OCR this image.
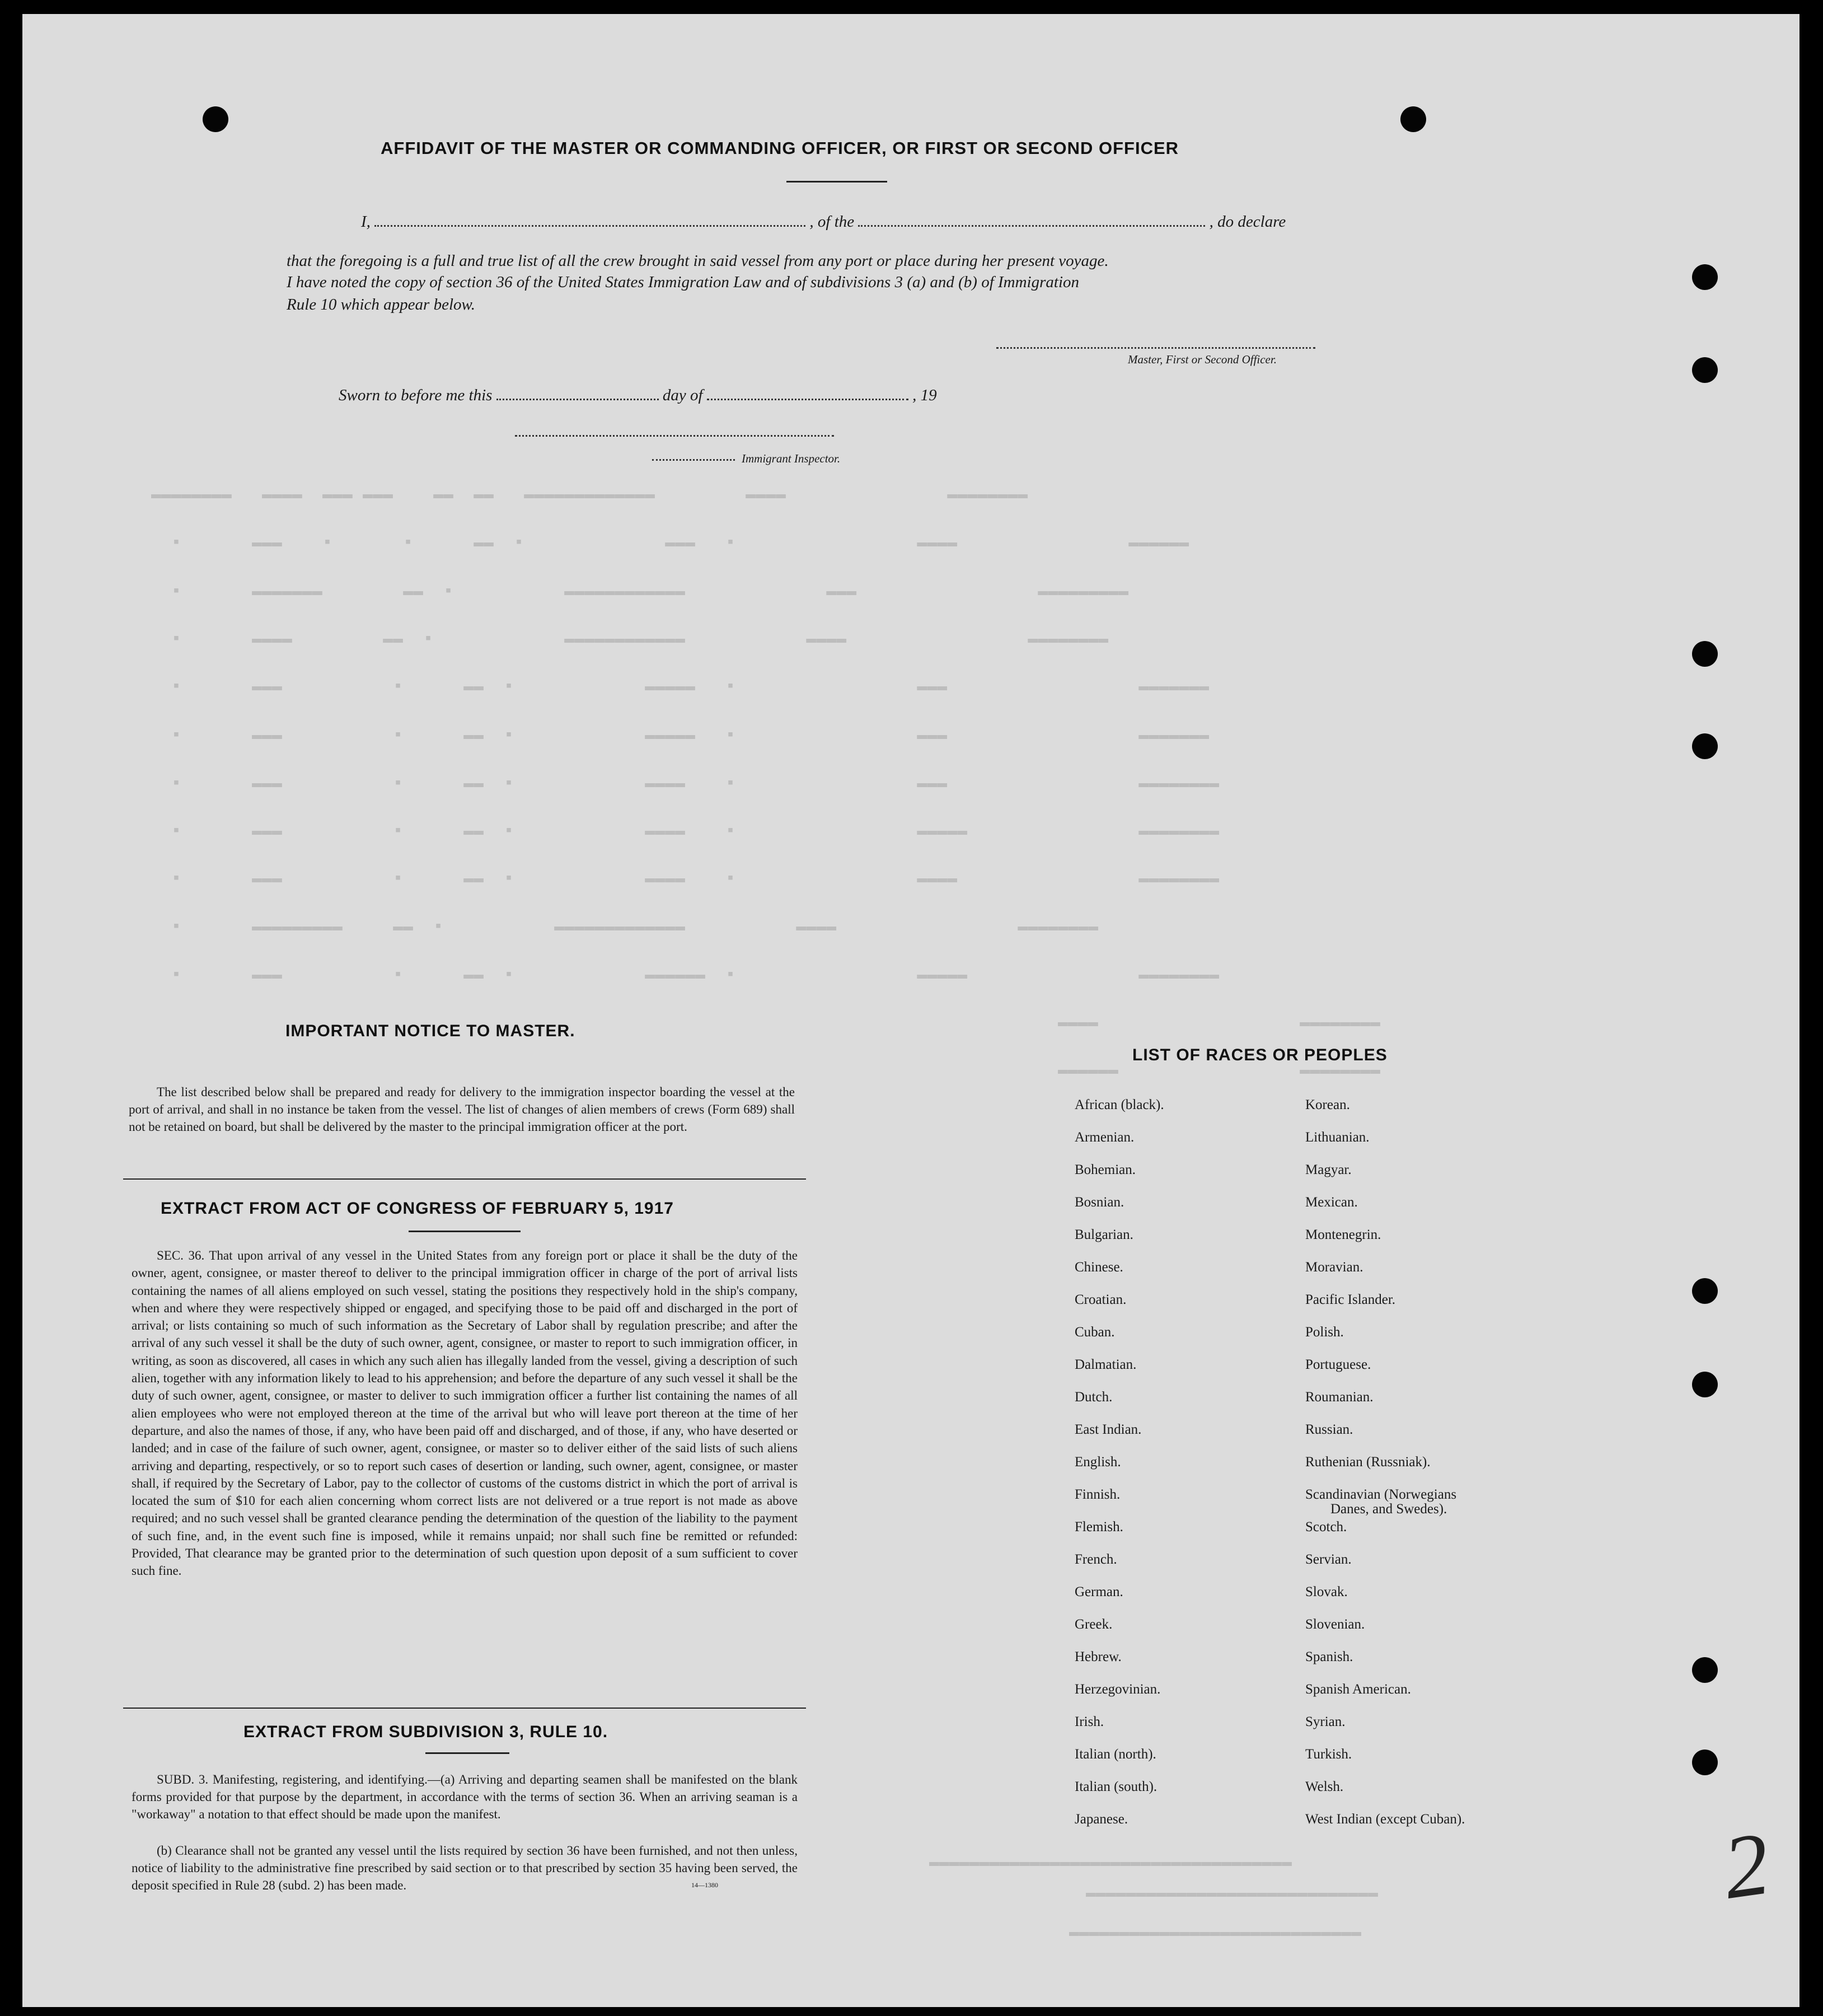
▬▬▬▬▬▬▬▬   ▬▬▬▬  ▬▬▬ ▬▬▬    ▬▬  ▬▬   ▬▬▬▬▬▬▬▬▬▬▬▬▬         ▬▬▬▬                ▬▬▬▬▬▬▬▬
▪       ▬▬▬    ▪       ▪      ▬▬  ▪              ▬▬▬   ▪                  ▬▬▬▬                 ▬▬▬▬▬▬
▪       ▬▬▬▬▬▬▬        ▬▬  ▪           ▬▬▬▬▬▬▬▬▬▬▬▬              ▬▬▬                  ▬▬▬▬▬▬▬▬▬
▪       ▬▬▬▬         ▬▬  ▪             ▬▬▬▬▬▬▬▬▬▬▬▬            ▬▬▬▬                  ▬▬▬▬▬▬▬▬
▪       ▬▬▬           ▪      ▬▬  ▪             ▬▬▬▬▬   ▪                  ▬▬▬                   ▬▬▬▬▬▬▬
▪       ▬▬▬           ▪      ▬▬  ▪             ▬▬▬▬▬   ▪                  ▬▬▬                   ▬▬▬▬▬▬▬
▪       ▬▬▬           ▪      ▬▬  ▪             ▬▬▬▬    ▪                  ▬▬▬                   ▬▬▬▬▬▬▬▬
▪       ▬▬▬           ▪      ▬▬  ▪             ▬▬▬▬    ▪                  ▬▬▬▬▬                 ▬▬▬▬▬▬▬▬
▪       ▬▬▬           ▪      ▬▬  ▪             ▬▬▬▬    ▪                  ▬▬▬▬                  ▬▬▬▬▬▬▬▬
▪       ▬▬▬▬▬▬▬▬▬     ▬▬  ▪           ▬▬▬▬▬▬▬▬▬▬▬▬▬           ▬▬▬▬                  ▬▬▬▬▬▬▬▬
▪       ▬▬▬           ▪      ▬▬  ▪             ▬▬▬▬▬▬  ▪                  ▬▬▬▬▬                 ▬▬▬▬▬▬▬▬
▬▬▬▬                    ▬▬▬▬▬▬▬▬
▬▬▬▬▬▬                  ▬▬▬▬▬▬▬▬
▬▬▬▬▬▬▬▬▬▬▬▬▬▬▬▬▬▬▬▬▬▬▬▬▬▬▬▬▬▬▬▬▬▬▬▬
▬▬▬▬▬▬▬▬▬▬▬▬▬▬▬▬▬▬▬▬▬▬▬▬▬▬▬▬▬
▬▬▬▬▬▬▬▬▬▬▬▬▬▬▬▬▬▬▬▬▬▬▬▬▬▬▬▬▬
AFFIDAVIT OF THE MASTER OR COMMANDING OFFICER, OR FIRST OR SECOND OFFICER
I,	, of the	, do declare
that the foregoing is a full and true list of all the crew brought in said vessel from any port or place during her present voyage.
I have noted the copy of section 36 of the United States Immigration Law and of subdivisions 3 (a) and (b) of Immigration
Rule 10 which appear below.
Master, First or Second Officer.
Sworn to before me this	day of	, 19
Immigrant Inspector.
IMPORTANT NOTICE TO MASTER.
The list described below shall be prepared and ready for delivery to the immigration inspector boarding the vessel at the port of arrival, and shall in no instance be taken from the vessel. The list of changes of alien members of crews (Form 689) shall not be retained on board, but shall be delivered by the master to the principal immigration officer at the port.
EXTRACT FROM ACT OF CONGRESS OF FEBRUARY 5, 1917
SEC. 36. That upon arrival of any vessel in the United States from any foreign port or place it shall be the duty of the owner, agent, consignee, or master thereof to deliver to the principal immigration officer in charge of the port of arrival lists containing the names of all aliens employed on such vessel, stating the positions they respectively hold in the ship's company, when and where they were respectively shipped or engaged, and specifying those to be paid off and discharged in the port of arrival; or lists containing so much of such information as the Secretary of Labor shall by regulation prescribe; and after the arrival of any such vessel it shall be the duty of such owner, agent, consignee, or master to report to such immigration officer, in writing, as soon as discovered, all cases in which any such alien has illegally landed from the vessel, giving a description of such alien, together with any information likely to lead to his apprehension; and before the departure of any such vessel it shall be the duty of such owner, agent, consignee, or master to deliver to such immigration officer a further list containing the names of all alien employees who were not employed thereon at the time of the arrival but who will leave port thereon at the time of her departure, and also the names of those, if any, who have been paid off and discharged, and of those, if any, who have deserted or landed; and in case of the failure of such owner, agent, consignee, or master so to deliver either of the said lists of such aliens arriving and departing, respectively, or so to report such cases of desertion or landing, such owner, agent, consignee, or master shall, if required by the Secretary of Labor, pay to the collector of customs of the customs district in which the port of arrival is located the sum of $10 for each alien concerning whom correct lists are not delivered or a true report is not made as above required; and no such vessel shall be granted clearance pending the determination of the question of the liability to the payment of such fine, and, in the event such fine is imposed, while it remains unpaid; nor shall such fine be remitted or refunded: Provided, That clearance may be granted prior to the determination of such question upon deposit of a sum sufficient to cover such fine.
EXTRACT FROM SUBDIVISION 3, RULE 10.
SUBD. 3. Manifesting, registering, and identifying.—(a) Arriving and departing seamen shall be manifested on the blank forms provided for that purpose by the department, in accordance with the terms of section 36. When an arriving seaman is a "workaway" a notation to that effect should be made upon the manifest.
(b) Clearance shall not be granted any vessel until the lists required by section 36 have been furnished, and not then unless, notice of liability to the administrative fine prescribed by said section or to that prescribed by section 35 having been served, the deposit specified in Rule 28 (subd. 2) has been made.	14—1380
LIST OF RACES OR PEOPLES
African (black).
Armenian.
Bohemian.
Bosnian.
Bulgarian.
Chinese.
Croatian.
Cuban.
Dalmatian.
Dutch.
East Indian.
English.
Finnish.
Flemish.
French.
German.
Greek.
Hebrew.
Herzegovinian.
Irish.
Italian (north).
Italian (south).
Japanese.
Korean.
Lithuanian.
Magyar.
Mexican.
Montenegrin.
Moravian.
Pacific Islander.
Polish.
Portuguese.
Roumanian.
Russian.
Ruthenian (Russniak).
Scandinavian (Norwegians
Danes, and Swedes).
Scotch.
Servian.
Slovak.
Slovenian.
Spanish.
Spanish American.
Syrian.
Turkish.
Welsh.
West Indian (except Cuban).	2
